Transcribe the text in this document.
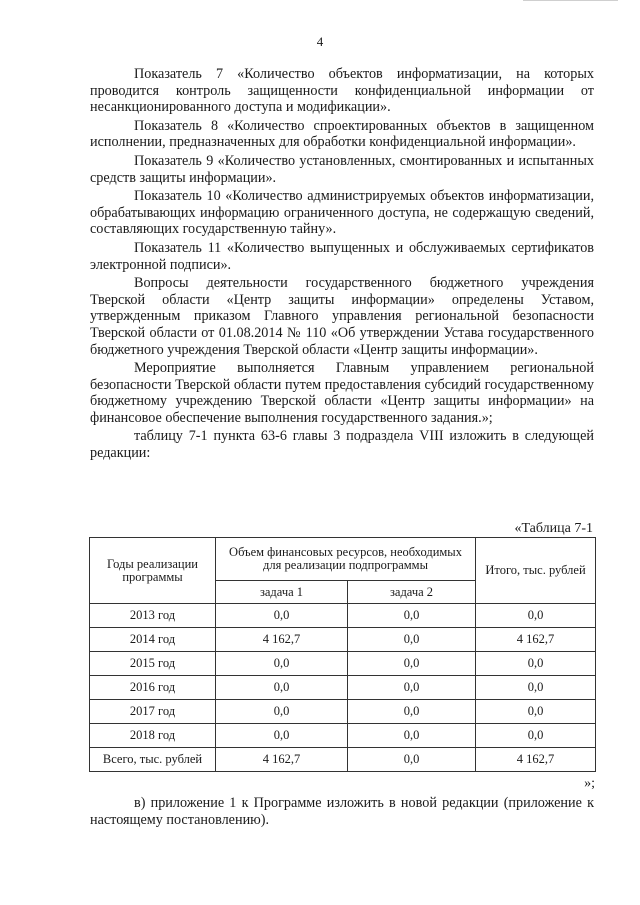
4

Показатель 7 «Количество объектов информатизации, на которых проводится контроль защищенности конфиденциальной информации от несанкционированного доступа и модификации».

Показатель 8 «Количество спроектированных объектов в защищенном исполнении, предназначенных для обработки конфиденциальной информации».

Показатель 9 «Количество установленных, смонтированных и испытанных средств защиты информации».

Показатель 10 «Количество администрируемых объектов информатизации, обрабатывающих информацию ограниченного доступа, не содержащую сведений, составляющих государственную тайну».

Показатель 11 «Количество выпущенных и обслуживаемых сертификатов электронной подписи».

Вопросы деятельности государственного бюджетного учреждения Тверской области «Центр защиты информации» определены Уставом, утвержденным приказом Главного управления региональной безопасности Тверской области от 01.08.2014 № 110 «Об утверждении Устава государственного бюджетного учреждения Тверской области «Центр защиты информации».

Мероприятие выполняется Главным управлением региональной безопасности Тверской области путем предоставления субсидий государственному бюджетному учреждению Тверской области «Центр защиты информации» на финансовое обеспечение выполнения государственного задания.»;

таблицу 7-1 пункта 63-6 главы 3 подраздела VIII изложить в следующей редакции:

«Таблица 7-1
Годы реализации программы	Объем финансовых ресурсов, необходимых для реализации подпрограммы		Итого, тыс. рублей
	задача 1	задача 2	
2013 год	0,0	0,0	0,0
2014 год	4 162,7	0,0	4 162,7
2015 год	0,0	0,0	0,0
2016 год	0,0	0,0	0,0
2017 год	0,0	0,0	0,0
2018 год	0,0	0,0	0,0
Всего, тыс. рублей	4 162,7	0,0	4 162,7
»;

в) приложение 1 к Программе изложить в новой редакции (приложение к настоящему постановлению).
